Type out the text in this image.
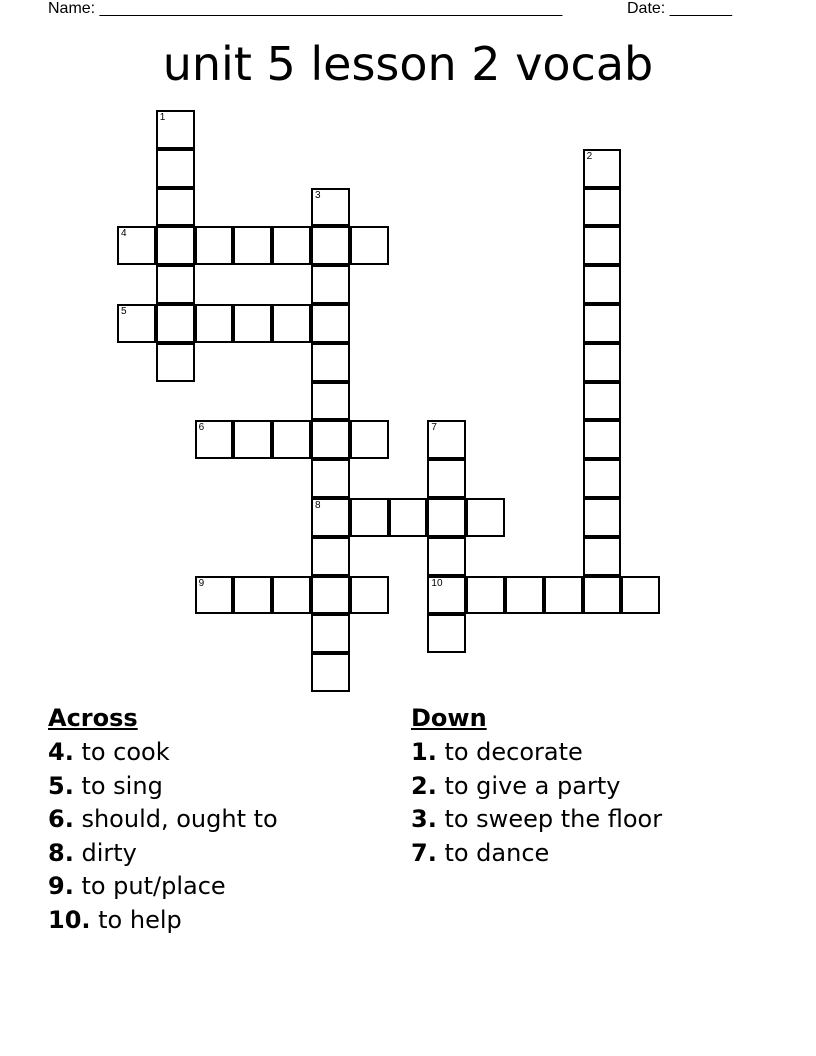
Name: ____________________________________________________	Date: _______
unit 5 lesson 2 vocab
1
2
3
8
4
5
6	7
10
9
Across
4. to cook
5. to sing
6. should, ought to
8. dirty
9. to put/place
10. to help
Down
1. to decorate
2. to give a party
3. to sweep the floor
7. to dance
